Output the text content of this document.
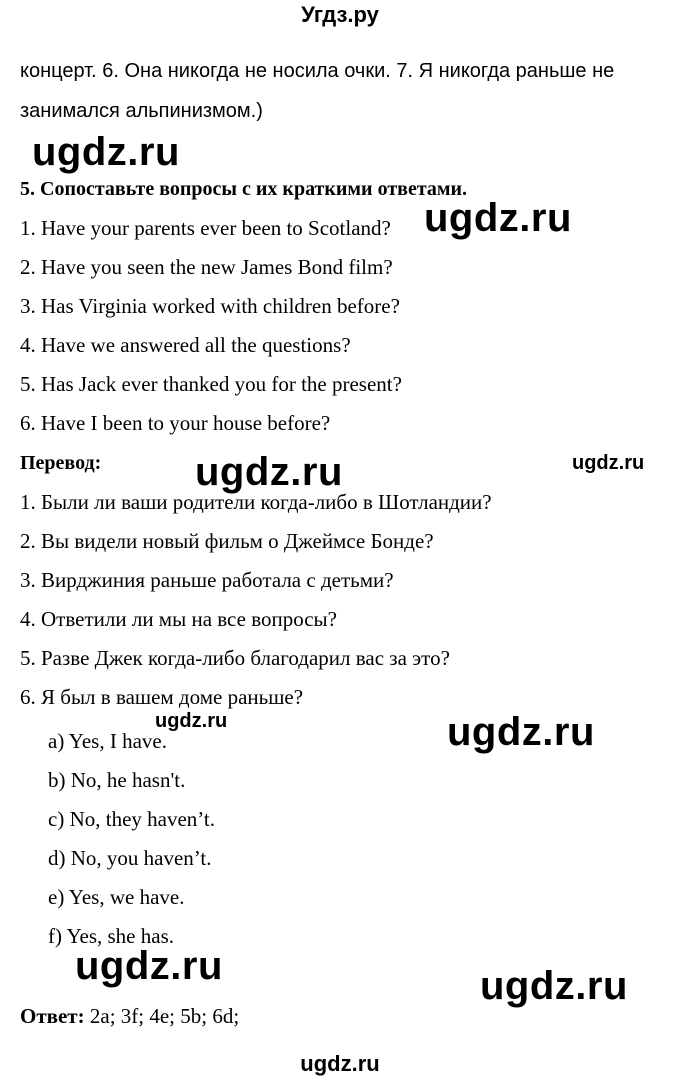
Угдз.ру
концерт. 6. Она никогда не носила очки. 7. Я никогда раньше не
занимался альпинизмом.)
5. Сопоставьте вопросы с их краткими ответами.
1. Have your parents ever been to Scotland?
2. Have you seen the new James Bond film?
3. Has Virginia worked with children before?
4. Have we answered all the questions?
5. Has Jack ever thanked you for the present?
6. Have I been to your house before?
Перевод:
1. Были ли ваши родители когда-либо в Шотландии?
2. Вы видели новый фильм о Джеймсе Бонде?
3. Вирджиния раньше работала с детьми?
4. Ответили ли мы на все вопросы?
5. Разве Джек когда-либо благодарил вас за это?
6. Я был в вашем доме раньше?
a) Yes, I have.
b) No, he hasn't.
c) No, they haven’t.
d) No, you haven’t.
e) Yes, we have.
f) Yes, she has.
Ответ: 2a; 3f; 4e; 5b; 6d;
ugdz.ru
ugdz.ru
ugdz.ru	ugdz.ru
ugdz.ru	ugdz.ru
ugdz.ru	ugdz.ru
ugdz.ru
